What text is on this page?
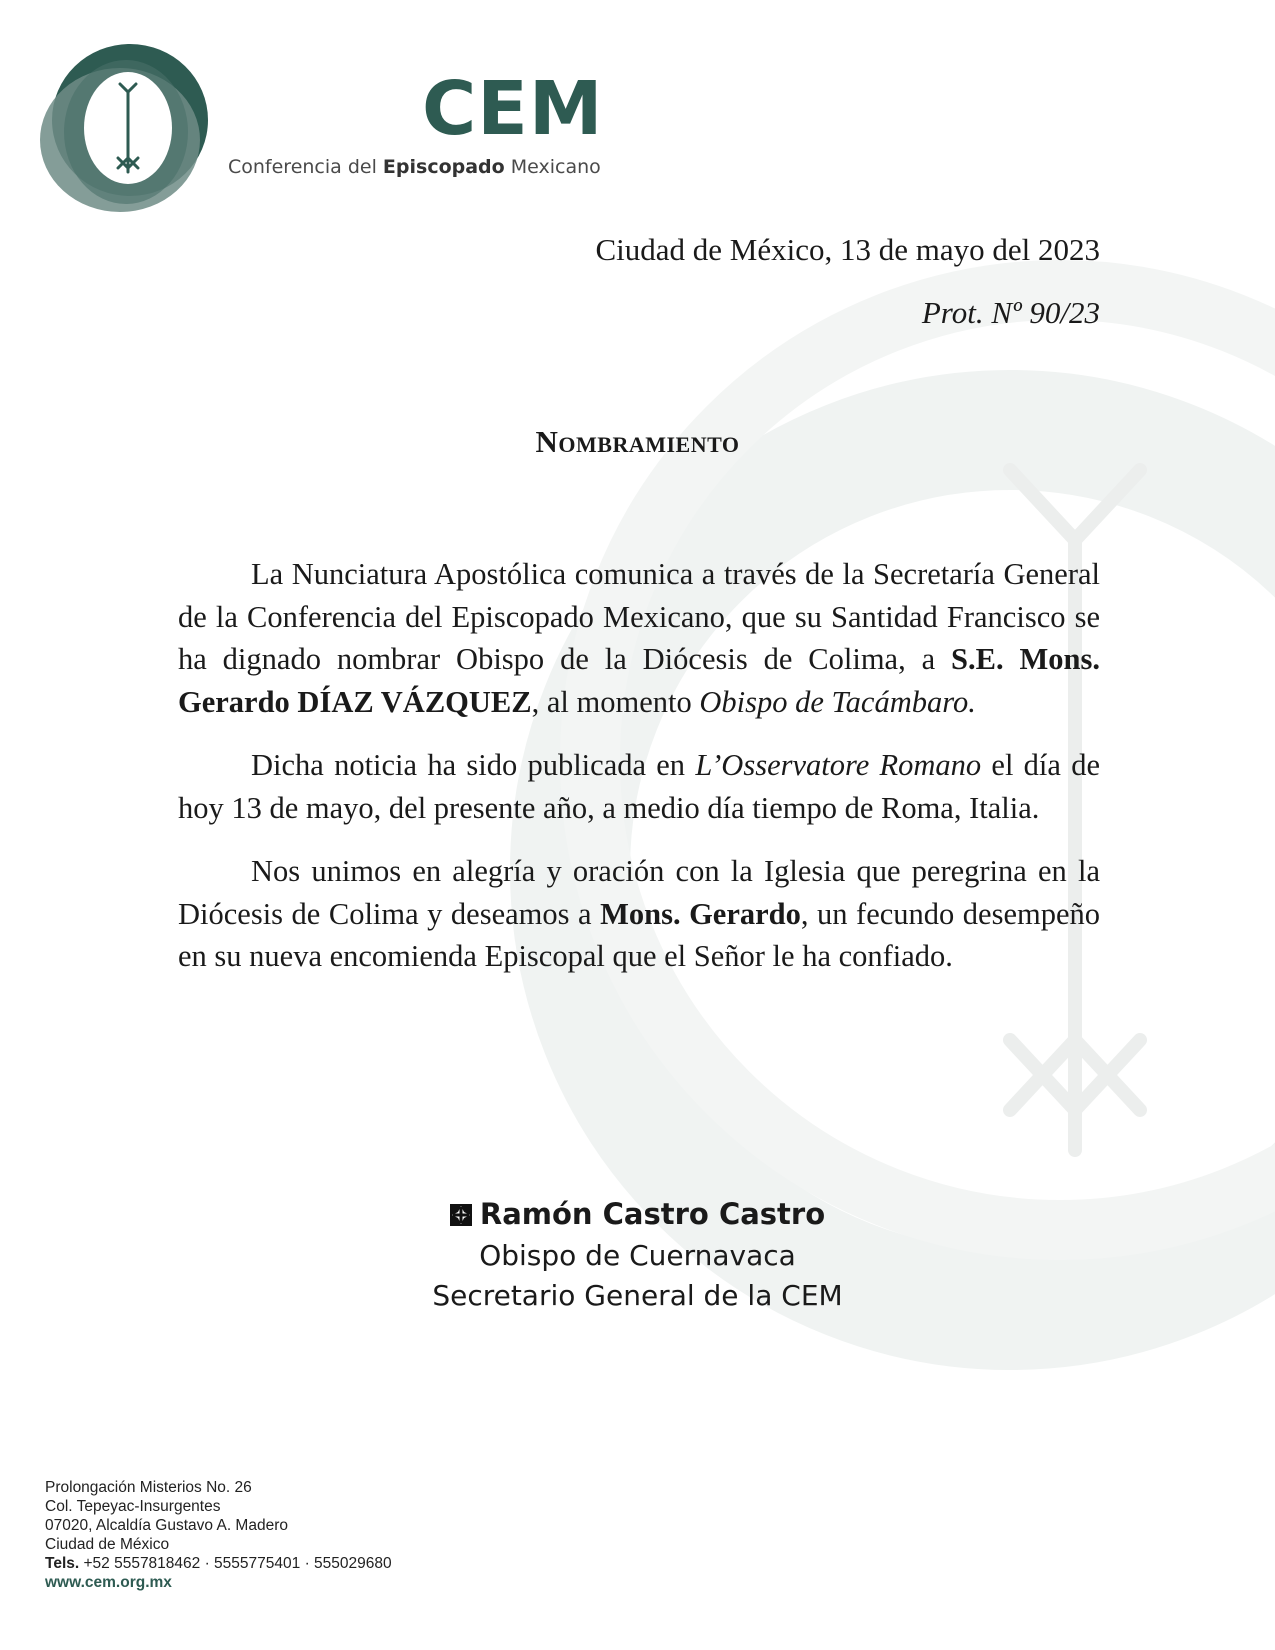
CEM
Conferencia del Episcopado Mexicano
Ciudad de México, 13 de mayo del 2023
Prot. Nº 90/23
Nombramiento

La Nunciatura Apostólica comunica a través de la Secretaría General de la Conferencia del Episcopado Mexicano, que su Santidad Francisco se ha dignado nombrar Obispo de la Diócesis de Colima, a S.E. Mons. Gerardo DÍAZ VÁZQUEZ, al momento Obispo de Tacámbaro.

Dicha noticia ha sido publicada en L’Osservatore Romano el día de hoy 13 de mayo, del presente año, a medio día tiempo de Roma, Italia.

Nos unimos en alegría y oración con la Iglesia que peregrina en la Diócesis de Colima y deseamos a Mons. Gerardo, un fecundo desempeño en su nueva encomienda Episcopal que el Señor le ha confiado.

Ramón Castro Castro
Obispo de Cuernavaca
Secretario General de la CEM
Prolongación Misterios No. 26
Col. Tepeyac-Insurgentes
07020, Alcaldía Gustavo A. Madero
Ciudad de México
Tels. +52 5557818462 · 5555775401 · 555029680
www.cem.org.mx
